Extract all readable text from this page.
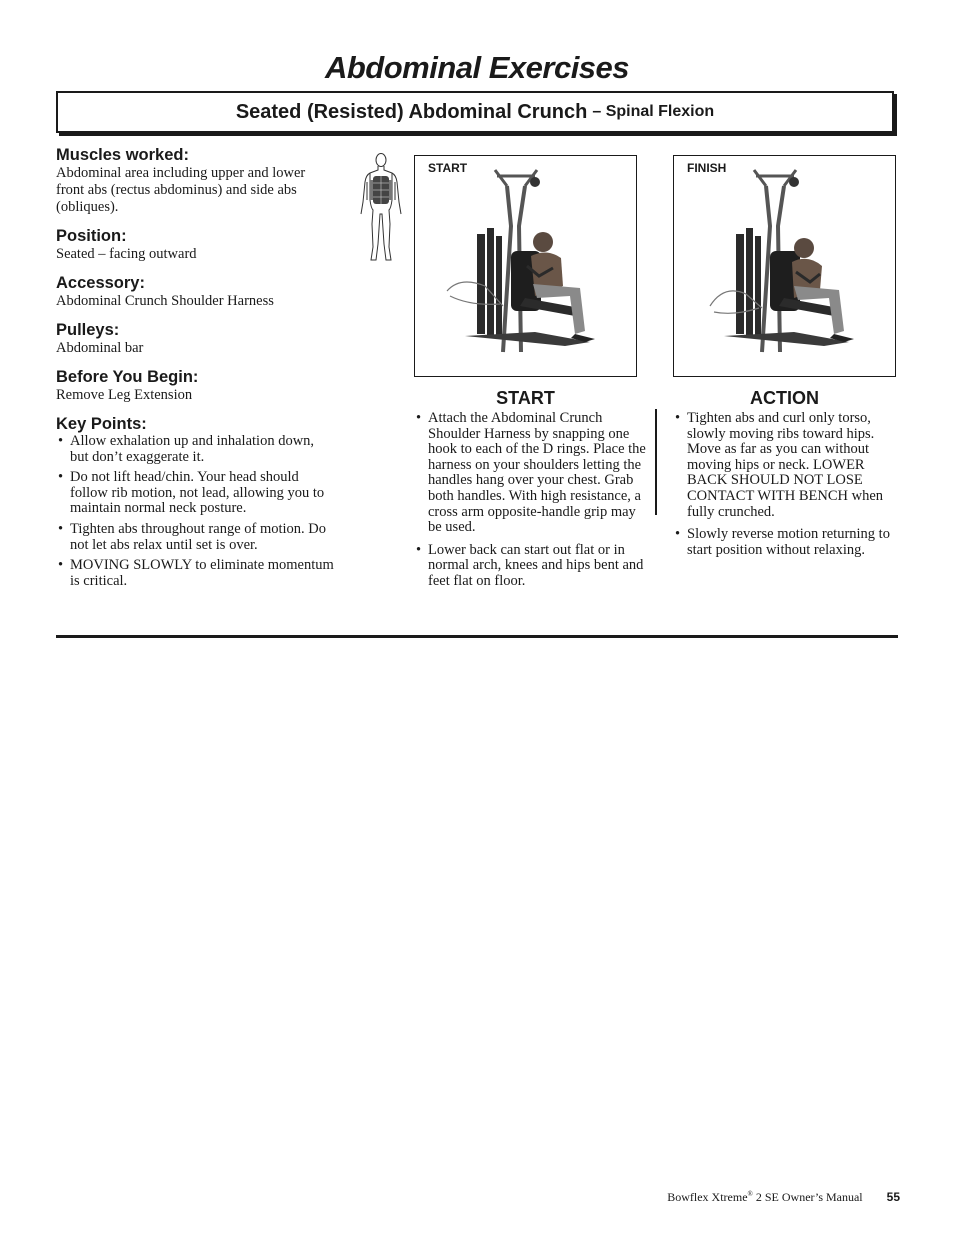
Abdominal Exercises
Seated (Resisted) Abdominal Crunch – Spinal Flexion
Muscles worked:

Abdominal area including upper and lower front abs (rectus abdominus) and side abs (obliques).

Position:

Seated – facing outward

Accessory:

Abdominal Crunch Shoulder Harness

Pulleys:

Abdominal bar

Before You Begin:

Remove Leg Extension

Key Points:
• Allow exhalation up and inhalation down, but don’t exaggerate it.
• Do not lift head/chin. Your head should follow rib motion, not lead, allowing you to maintain normal neck posture.
• Tighten abs throughout range of motion. Do not let abs relax until set is over.
• MOVING SLOWLY to eliminate momentum is critical.
START	FINISH
START	ACTION
• Attach the Abdominal Crunch Shoulder Harness by snapping one hook to each of the D rings. Place the harness on your shoulders letting the handles hang over your chest. Grab both handles. With high resistance, a cross arm opposite-handle grip may be used.
• Lower back can start out flat or in normal arch, knees and hips bent and feet flat on floor.
• Tighten abs and curl only torso, slowly moving ribs toward hips. Move as far as you can without moving hips or neck. LOWER BACK SHOULD NOT LOSE CONTACT WITH BENCH when fully crunched.
• Slowly reverse motion returning to start position without relaxing.
Bowflex Xtreme® 2 SE Owner’s Manual 55
